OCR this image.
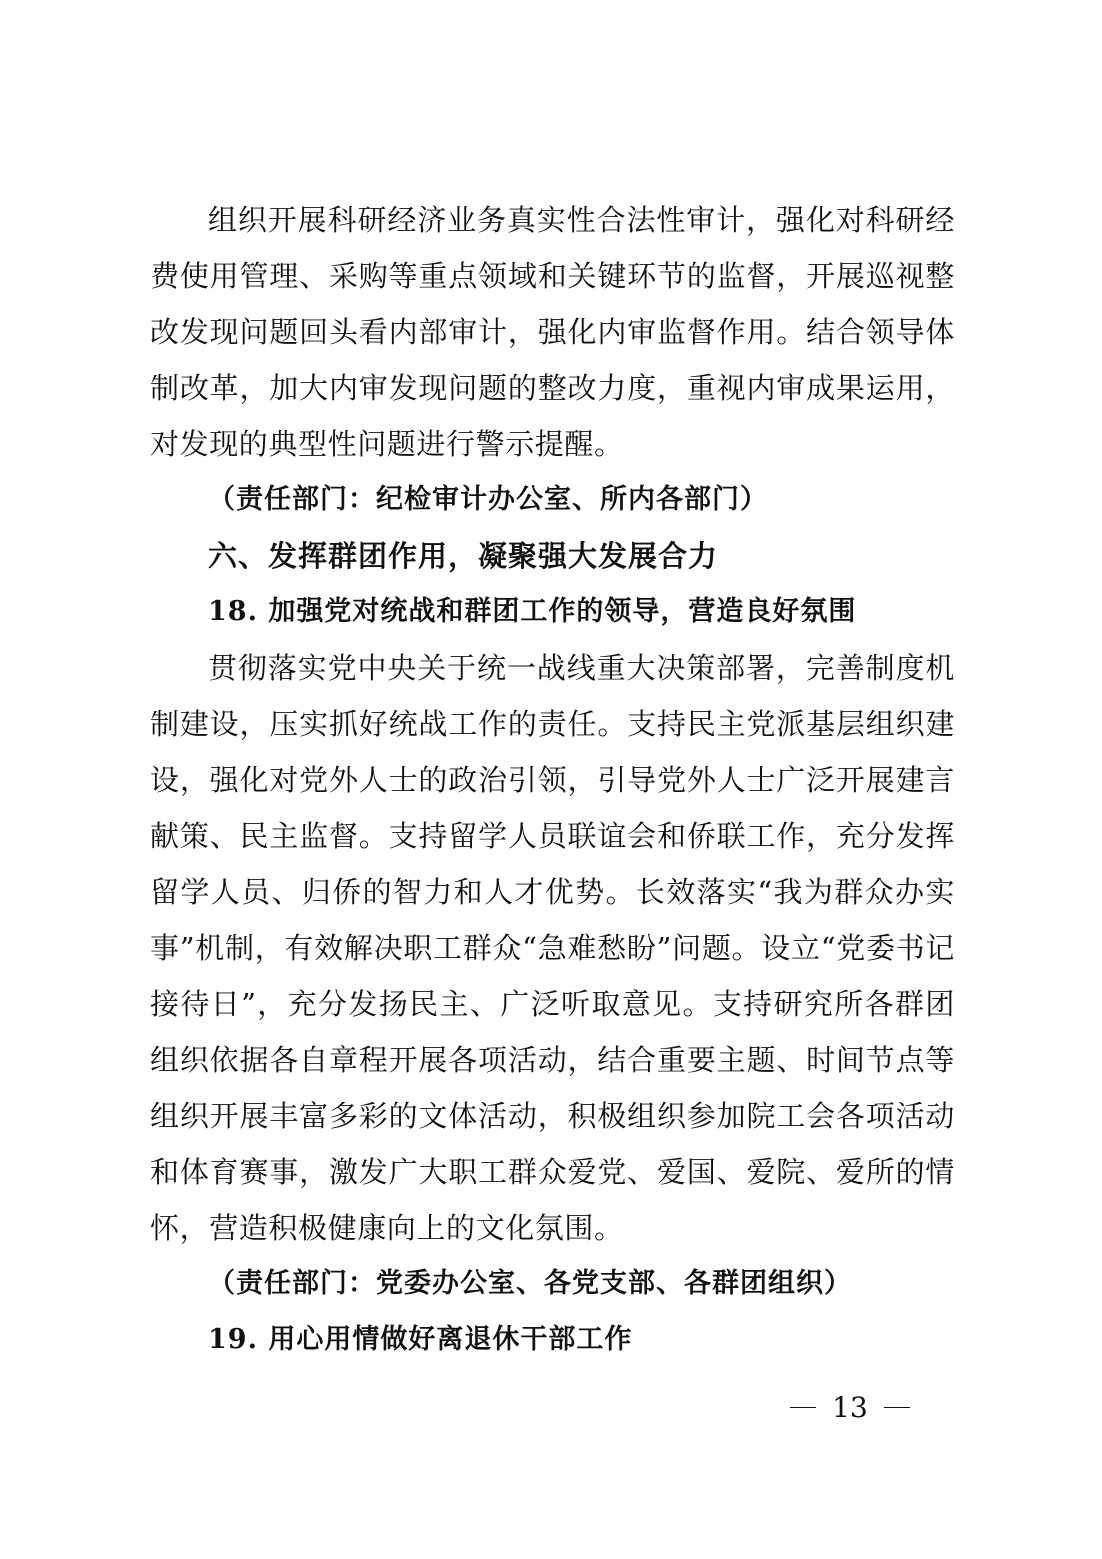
组织开展科研经济业务真实性合法性审计，强化对科研经费使用管理、采购等重点领域和关键环节的监督，开展巡视整改发现问题回头看内部审计，强化内审监督作用。结合领导体制改革，加大内审发现问题的整改力度，重视内审成果运用，对发现的典型性问题进行警示提醒。

（责任部门：纪检审计办公室、所内各部门）

六、发挥群团作用，凝聚强大发展合力

18. 加强党对统战和群团工作的领导，营造良好氛围

贯彻落实党中央关于统一战线重大决策部署，完善制度机制建设，压实抓好统战工作的责任。支持民主党派基层组织建设，强化对党外人士的政治引领，引导党外人士广泛开展建言献策、民主监督。支持留学人员联谊会和侨联工作，充分发挥留学人员、归侨的智力和人才优势。长效落实“我为群众办实事”机制，有效解决职工群众“急难愁盼”问题。设立“党委书记接待日”，充分发扬民主、广泛听取意见。支持研究所各群团组织依据各自章程开展各项活动，结合重要主题、时间节点等组织开展丰富多彩的文体活动，积极组织参加院工会各项活动和体育赛事，激发广大职工群众爱党、爱国、爱院、爱所的情怀，营造积极健康向上的文化氛围。

（责任部门：党委办公室、各党支部、各群团组织）

19. 用心用情做好离退休干部工作

13
